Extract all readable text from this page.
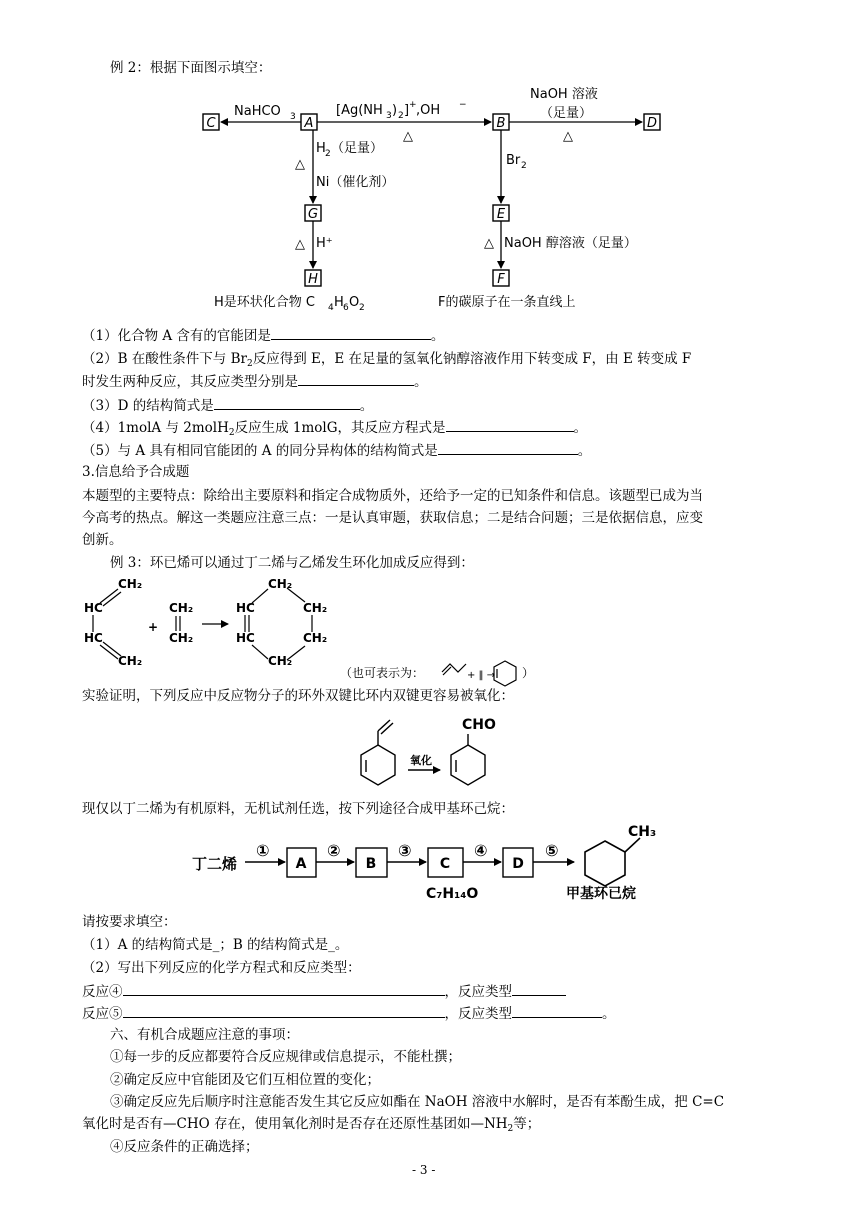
例 2：根据下面图示填空：
C	A	B	D
G	E
H	F
NaHCO 3	[Ag(NH 3 ) 2 ] + ,OH −
△
NaOH 溶液
（足量）
△
H 2 （足量）
△
Ni（催化剂）
△ H⁺
Br 2
△ NaOH 醇溶液（足量）
H是环状化合物 C 4 H 6 O 2	F的碳原子在一条直线上
（1）化合物 A 含有的官能团是	。
（2）B 在酸性条件下与 $Br_2$反应得到 E，E 在足量的氢氧化钠醇溶液作用下转变成 F，由 E 转变成 F
时发生两种反应，其反应类型分别是	。
（3）D 的结构简式是	。
（4）1molA 与 2molH$_2$反应生成 1molG，其反应方程式是	。
（5）与 A 具有相同官能团的 A 的同分异构体的结构简式是	。
3.信息给予合成题
本题型的主要特点：除给出主要原料和指定合成物质外，还给予一定的已知条件和信息。该题型已成为当
今高考的热点。解这一类题应注意三点：一是认真审题，获取信息；二是结合问题；三是依据信息，应变
创新。
例 3：环已烯可以通过丁二烯与乙烯发生环化加成反应得到：
CH₂
HC
HC
CH₂
CH₂
CH₂
+
CH₂
HC
HC
CH₂
CH₂
CH₂
（也可表示为：	+ ‖ → ）
实验证明，下列反应中反应物分子的环外双键比环内双键更容易被氧化：
CHO
氧化
现仅以丁二烯为有机原料，无机试剂任选，按下列途径合成甲基环己烷：
丁二烯
①	②	③	④	⑤
A	B	C	D
C₇H₁₄O
CH₃
甲基环已烷
请按要求填空：
（1）A 的结构简式是_；B 的结构简式是_。
（2）写出下列反应的化学方程式和反应类型：
反应④	，反应类型
反应⑤	，反应类型	。
六、有机合成题应注意的事项：
①每一步的反应都要符合反应规律或信息提示，不能杜撰；
②确定反应中官能团及它们互相位置的变化；
③确定反应先后顺序时注意能否发生其它反应如酯在 NaOH 溶液中水解时，是否有苯酚生成，把 C=C
氧化时是否有—CHO 存在，使用氧化剂时是否存在还原性基团如$—NH_2$等；
④反应条件的正确选择；
- 3 -
